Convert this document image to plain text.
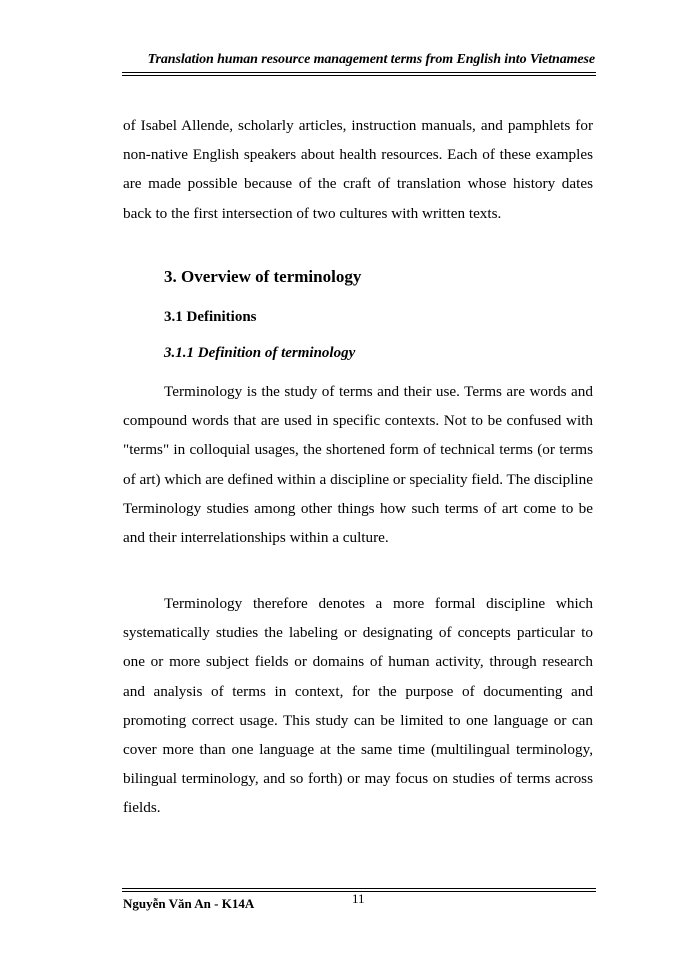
Translation human resource management terms from English into Vietnamese
of Isabel Allende, scholarly articles, instruction manuals, and pamphlets for non-native English speakers about health resources. Each of these examples are made possible because of the craft of translation whose history dates back to the first intersection of two cultures with written texts.
3. Overview of terminology
3.1 Definitions
3.1.1 Definition of terminology
Terminology is the study of terms and their use. Terms are words and compound words that are used in specific contexts. Not to be confused with "terms" in colloquial usages, the shortened form of technical terms (or terms of art) which are defined within a discipline or speciality field. The discipline Terminology studies among other things how such terms of art come to be and their interrelationships within a culture.
Terminology therefore denotes a more formal discipline which systematically studies the labeling or designating of concepts particular to one or more subject fields or domains of human activity, through research and analysis of terms in context, for the purpose of documenting and promoting correct usage. This study can be limited to one language or can cover more than one language at the same time (multilingual terminology, bilingual terminology, and so forth) or may focus on studies of terms across fields.
Nguyễn Văn An - K14A	11
